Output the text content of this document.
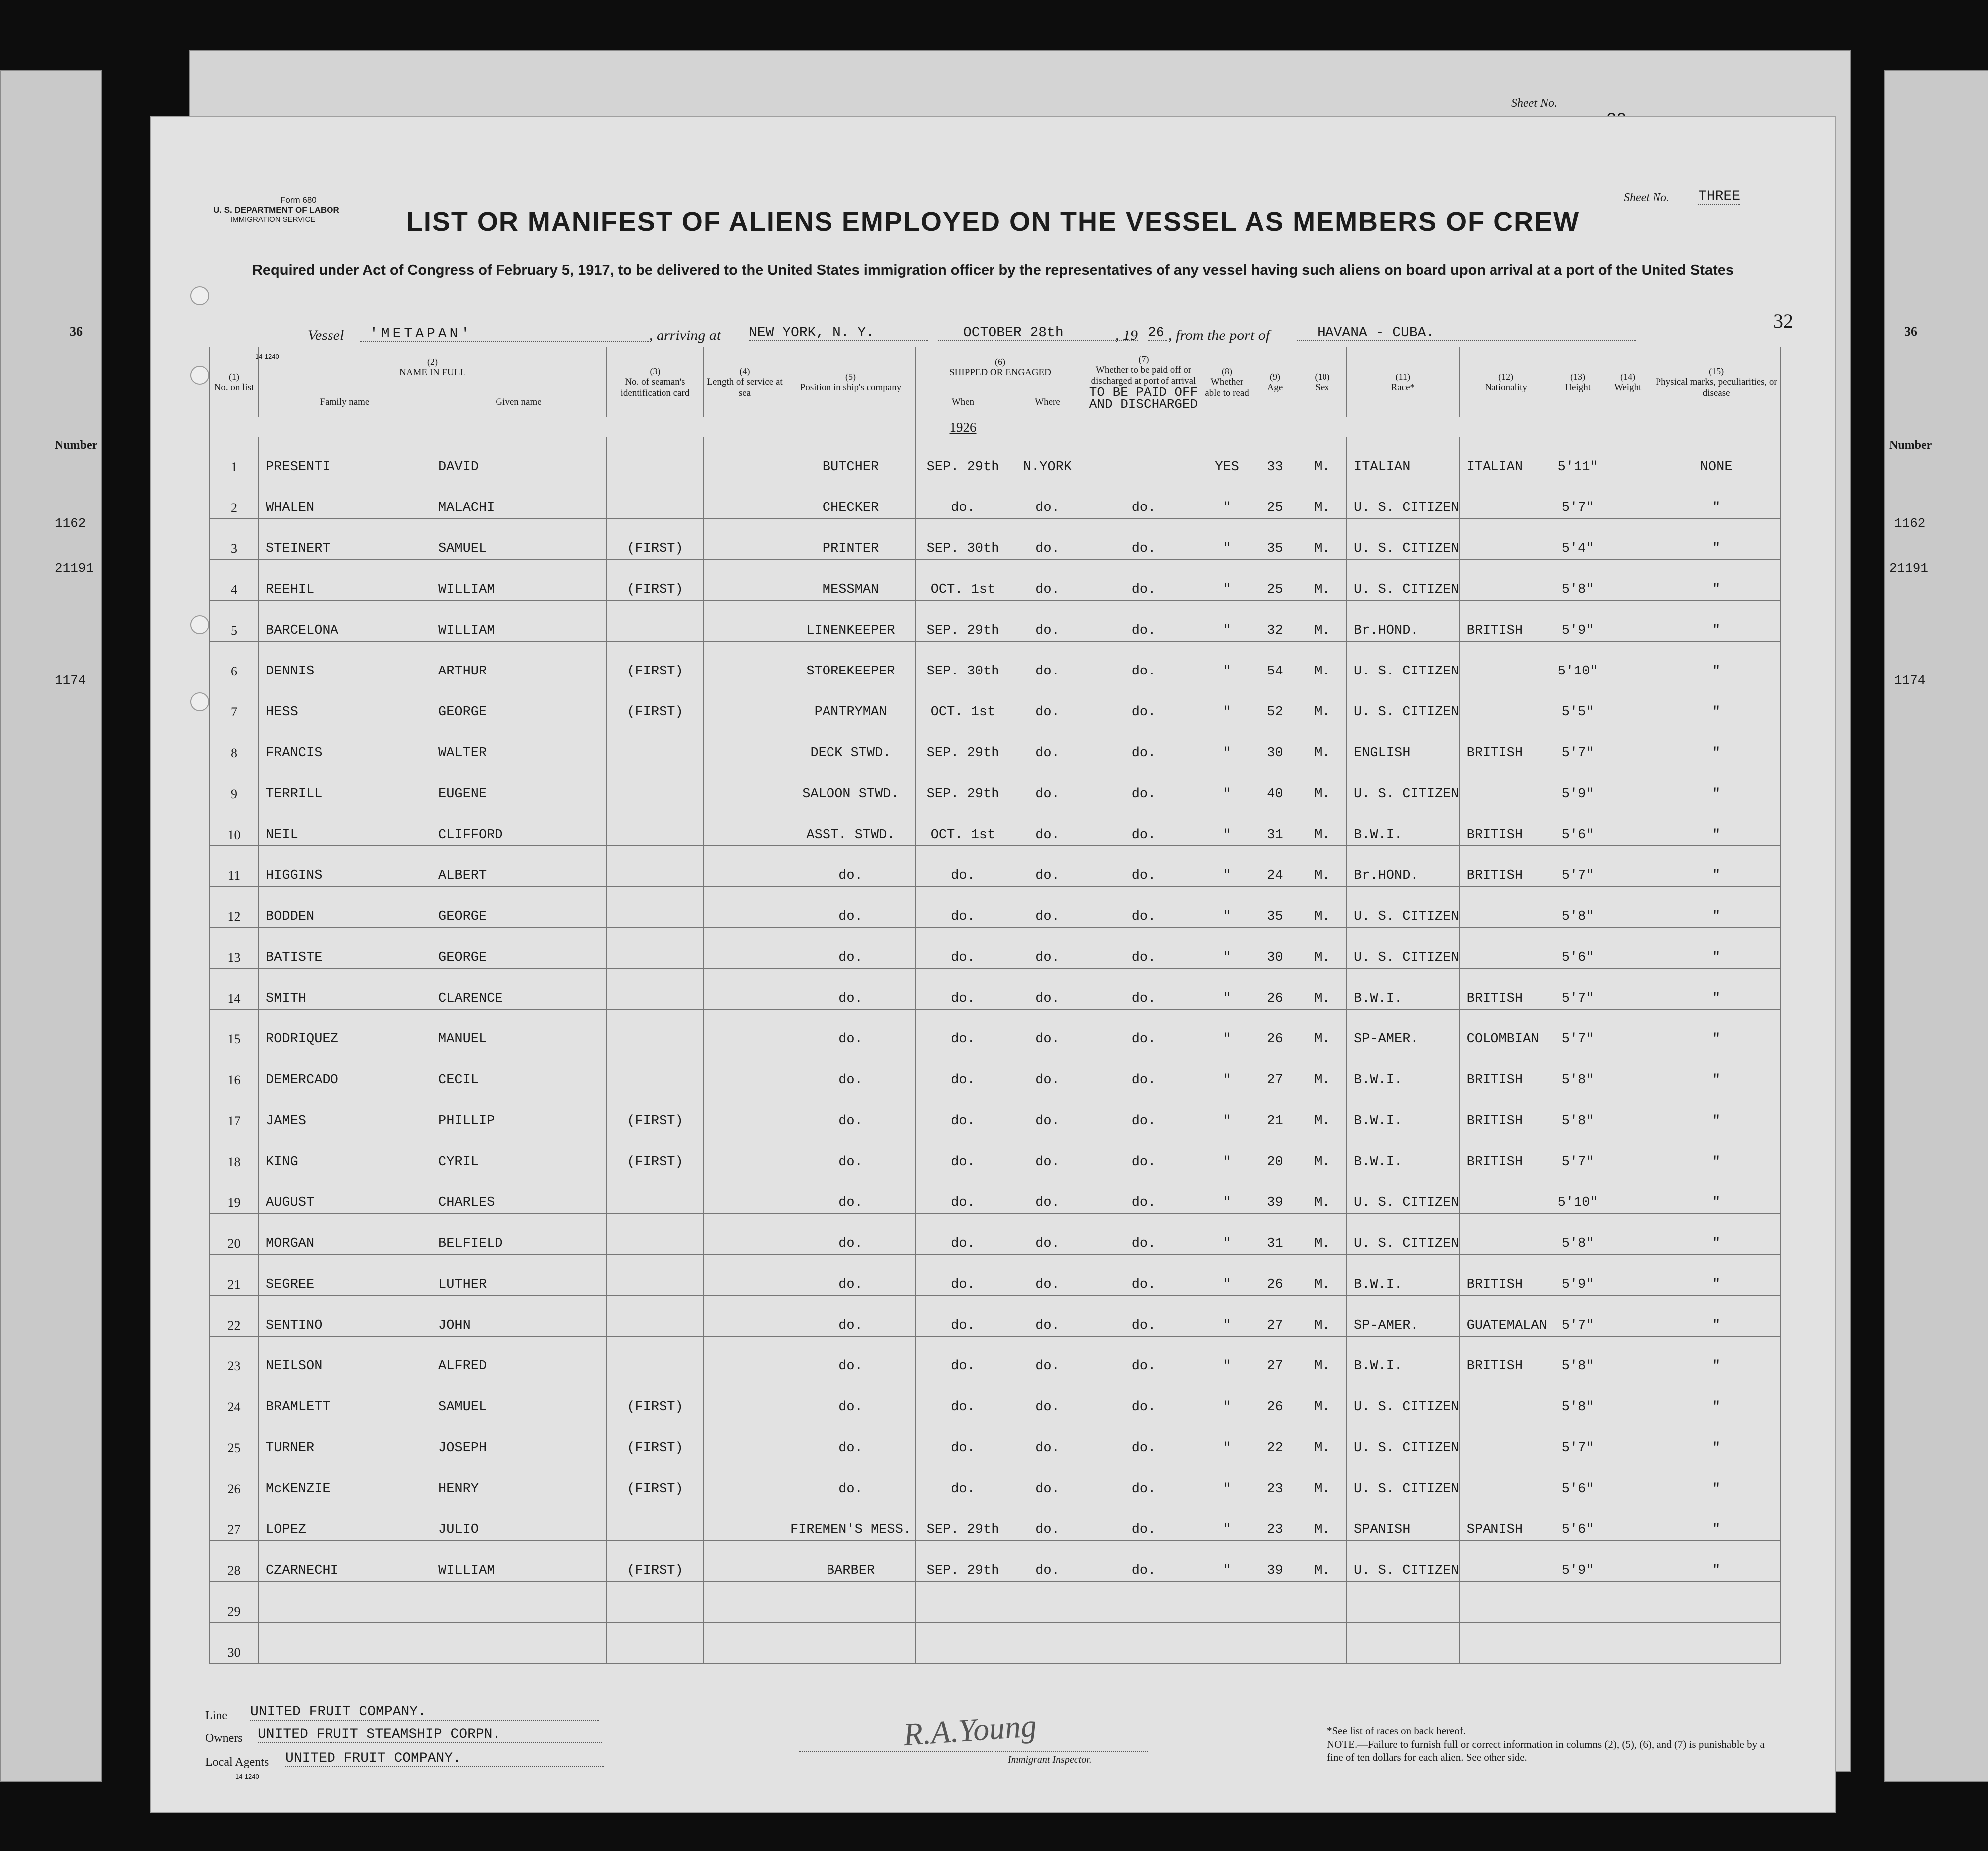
Sheet No.
36
Number
1162
21191
1174
36
Number
1162
21191
1174
Form 680
U. S. DEPARTMENT OF LABOR
IMMIGRATION SERVICE
Sheet No. THREE
LIST OR MANIFEST OF ALIENS EMPLOYED ON THE VESSEL AS MEMBERS OF CREW
Required under Act of Congress of February 5, 1917, to be delivered to the United States immigration officer by the representatives of any vessel having such aliens on board upon arrival at a port of the United States
Vessel	'METAPAN'	, arriving at NEW YORK, N. Y.	OCTOBER 28th	, 19 26 , from the port of	HAVANA - CUBA.
32
14-1240
(1)
No. on list	(2)
NAME IN FULL		(3)
No. of seaman's identification card	(4)
Length of service at sea	(5)
Position in ship's company	(6)
SHIPPED OR ENGAGED		(7)
Whether to be paid off or discharged at port of arrival
TO BE PAID OFF AND DISCHARGED	(8)
Whether able to read	(9)
Age	(10)
Sex	(11)
Race*	(12)
Nationality	(13)
Height	(14)
Weight	(15)
Physical marks, peculiarities, or disease	
	Family name	Given name				When	Where										
						1926											
1	PRESENTI	DAVID			BUTCHER	SEP. 29th	N.YORK		YES	33	M.	ITALIAN	ITALIAN	5'11"		NONE	
2	WHALEN	MALACHI			CHECKER	do.	do.	do.	"	25	M.	U. S. CITIZEN		5'7"		"	
3	STEINERT	SAMUEL	(FIRST)		PRINTER	SEP. 30th	do.	do.	"	35	M.	U. S. CITIZEN		5'4"		"	
4	REEHIL	WILLIAM	(FIRST)		MESSMAN	OCT. 1st	do.	do.	"	25	M.	U. S. CITIZEN		5'8"		"	
5	BARCELONA	WILLIAM			LINENKEEPER	SEP. 29th	do.	do.	"	32	M.	Br.HOND.	BRITISH	5'9"		"	
6	DENNIS	ARTHUR	(FIRST)		STOREKEEPER	SEP. 30th	do.	do.	"	54	M.	U. S. CITIZEN		5'10"		"	
7	HESS	GEORGE	(FIRST)		PANTRYMAN	OCT. 1st	do.	do.	"	52	M.	U. S. CITIZEN		5'5"		"	
8	FRANCIS	WALTER			DECK STWD.	SEP. 29th	do.	do.	"	30	M.	ENGLISH	BRITISH	5'7"		"	
9	TERRILL	EUGENE			SALOON STWD.	SEP. 29th	do.	do.	"	40	M.	U. S. CITIZEN		5'9"		"	
10	NEIL	CLIFFORD			ASST. STWD.	OCT. 1st	do.	do.	"	31	M.	B.W.I.	BRITISH	5'6"		"	
11	HIGGINS	ALBERT			do.	do.	do.	do.	"	24	M.	Br.HOND.	BRITISH	5'7"		"	
12	BODDEN	GEORGE			do.	do.	do.	do.	"	35	M.	U. S. CITIZEN		5'8"		"	
13	BATISTE	GEORGE			do.	do.	do.	do.	"	30	M.	U. S. CITIZEN		5'6"		"	
14	SMITH	CLARENCE			do.	do.	do.	do.	"	26	M.	B.W.I.	BRITISH	5'7"		"	
15	RODRIQUEZ	MANUEL			do.	do.	do.	do.	"	26	M.	SP-AMER.	COLOMBIAN	5'7"		"	
16	DEMERCADO	CECIL			do.	do.	do.	do.	"	27	M.	B.W.I.	BRITISH	5'8"		"	
17	JAMES	PHILLIP	(FIRST)		do.	do.	do.	do.	"	21	M.	B.W.I.	BRITISH	5'8"		"	
18	KING	CYRIL	(FIRST)		do.	do.	do.	do.	"	20	M.	B.W.I.	BRITISH	5'7"		"	
19	AUGUST	CHARLES			do.	do.	do.	do.	"	39	M.	U. S. CITIZEN		5'10"		"	
20	MORGAN	BELFIELD			do.	do.	do.	do.	"	31	M.	U. S. CITIZEN		5'8"		"	
21	SEGREE	LUTHER			do.	do.	do.	do.	"	26	M.	B.W.I.	BRITISH	5'9"		"	
22	SENTINO	JOHN			do.	do.	do.	do.	"	27	M.	SP-AMER.	GUATEMALAN	5'7"		"	
23	NEILSON	ALFRED			do.	do.	do.	do.	"	27	M.	B.W.I.	BRITISH	5'8"		"	
24	BRAMLETT	SAMUEL	(FIRST)		do.	do.	do.	do.	"	26	M.	U. S. CITIZEN		5'8"		"	
25	TURNER	JOSEPH	(FIRST)		do.	do.	do.	do.	"	22	M.	U. S. CITIZEN		5'7"		"	
26	McKENZIE	HENRY	(FIRST)		do.	do.	do.	do.	"	23	M.	U. S. CITIZEN		5'6"		"	
27	LOPEZ	JULIO			FIREMEN'S MESS.	SEP. 29th	do.	do.	"	23	M.	SPANISH	SPANISH	5'6"		"	
28	CZARNECHI	WILLIAM	(FIRST)		BARBER	SEP. 29th	do.	do.	"	39	M.	U. S. CITIZEN		5'9"		"	
29																	
30																	
Line UNITED FRUIT COMPANY.
Owners UNITED FRUIT STEAMSHIP CORPN.
Local Agents UNITED FRUIT COMPANY.
14-1240
R.A.Young
Immigrant Inspector.
*See list of races on back hereof.
NOTE.—Failure to furnish full or correct information in columns (2), (5), (6), and (7) is punishable by a fine of ten dollars for each alien. See other side.
